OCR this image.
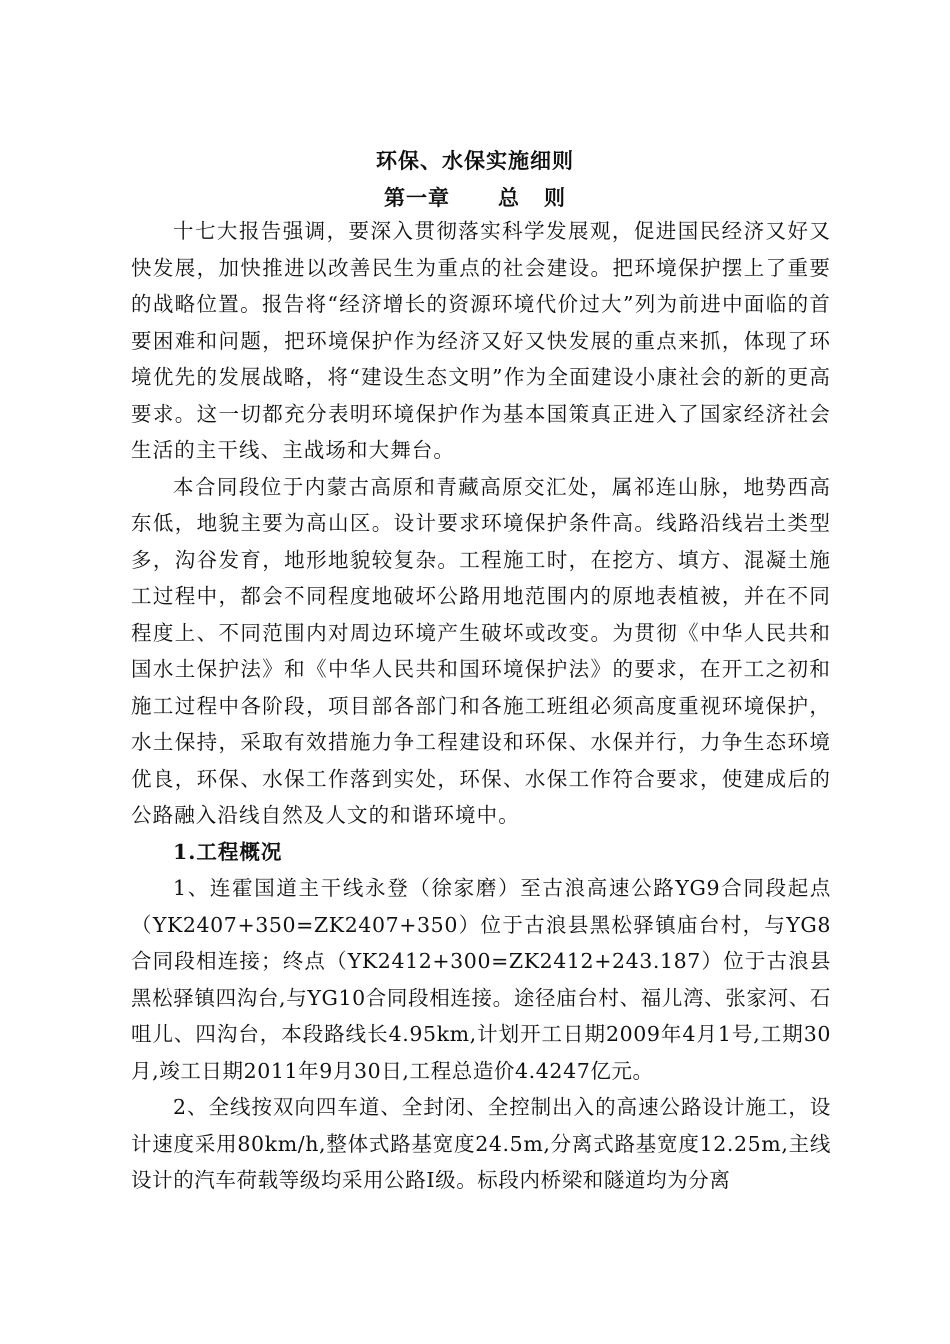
环保、水保实施细则
第一章 总 则

十七大报告强调，要深入贯彻落实科学发展观，促进国民经济又好又快发展，加快推进以改善民生为重点的社会建设。把环境保护摆上了重要的战略位置。报告将“经济增长的资源环境代价过大”列为前进中面临的首要困难和问题，把环境保护作为经济又好又快发展的重点来抓，体现了环境优先的发展战略，将“建设生态文明”作为全面建设小康社会的新的更高要求。这一切都充分表明环境保护作为基本国策真正进入了国家经济社会生活的主干线、主战场和大舞台。

本合同段位于内蒙古高原和青藏高原交汇处，属祁连山脉，地势西高东低，地貌主要为高山区。设计要求环境保护条件高。线路沿线岩土类型多，沟谷发育，地形地貌较复杂。工程施工时，在挖方、填方、混凝土施工过程中，都会不同程度地破坏公路用地范围内的原地表植被，并在不同程度上、不同范围内对周边环境产生破坏或改变。为贯彻《中华人民共和国水土保护法》和《中华人民共和国环境保护法》的要求，在开工之初和施工过程中各阶段，项目部各部门和各施工班组必须高度重视环境保护，水土保持，采取有效措施力争工程建设和环保、水保并行，力争生态环境优良，环保、水保工作落到实处，环保、水保工作符合要求，使建成后的公路融入沿线自然及人文的和谐环境中。

1.工程概况

1、连霍国道主干线永登（徐家磨）至古浪高速公路YG9合同段起点（YK2407+350=ZK2407+350）位于古浪县黑松驿镇庙台村，与YG8合同段相连接；终点（YK2412+300=ZK2412+243.187）位于古浪县黑松驿镇四沟台,与YG10合同段相连接。途径庙台村、福儿湾、张家河、石咀儿、四沟台，本段路线长4.95km,计划开工日期2009年4月1号,工期30月,竣工日期2011年9月30日,工程总造价4.4247亿元。

2、全线按双向四车道、全封闭、全控制出入的高速公路设计施工，设计速度采用80km/h,整体式路基宽度24.5m,分离式路基宽度12.25m,主线设计的汽车荷载等级均采用公路Ⅰ级。标段内桥梁和隧道均为分离
